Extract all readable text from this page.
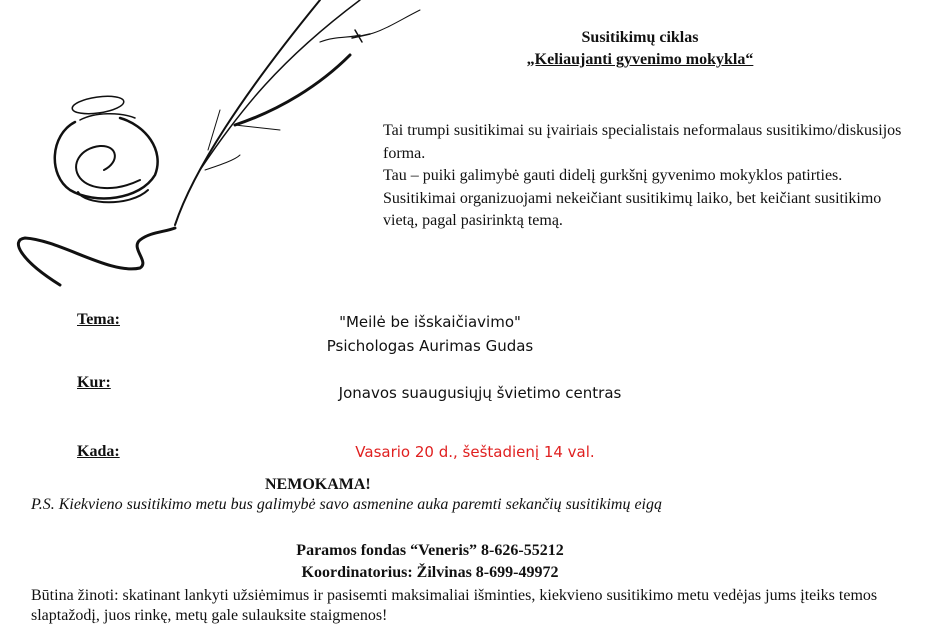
Susitikimų ciklas
„Keliaujanti gyvenimo mokykla“

Tai trumpi susitikimai su įvairiais specialistais neformalaus susitikimo/diskusijos forma.

Tau – puiki galimybė gauti didelį gurkšnį gyvenimo mokyklos patirties.

Susitikimai organizuojami nekeičiant susitikimų laiko, bet keičiant susitikimo vietą, pagal pasirinktą temą.

Tema:	"Meilė be išskaičiavimo"
Psichologas Aurimas Gudas
Kur:
Jonavos suaugusiųjų švietimo centras
Kada:	Vasario 20 d., šeštadienį 14 val.
NEMOKAMA!
P.S. Kiekvieno susitikimo metu bus galimybė savo asmenine auka paremti sekančių susitikimų eigą
Paramos fondas “Veneris” 8-626-55212
Koordinatorius: Žilvinas 8-699-49972
Būtina žinoti: skatinant lankyti užsiėmimus ir pasisemti maksimaliai išminties, kiekvieno susitikimo metu vedėjas jums įteiks temos slaptažodį, juos rinkę, metų gale sulauksite staigmenos!
